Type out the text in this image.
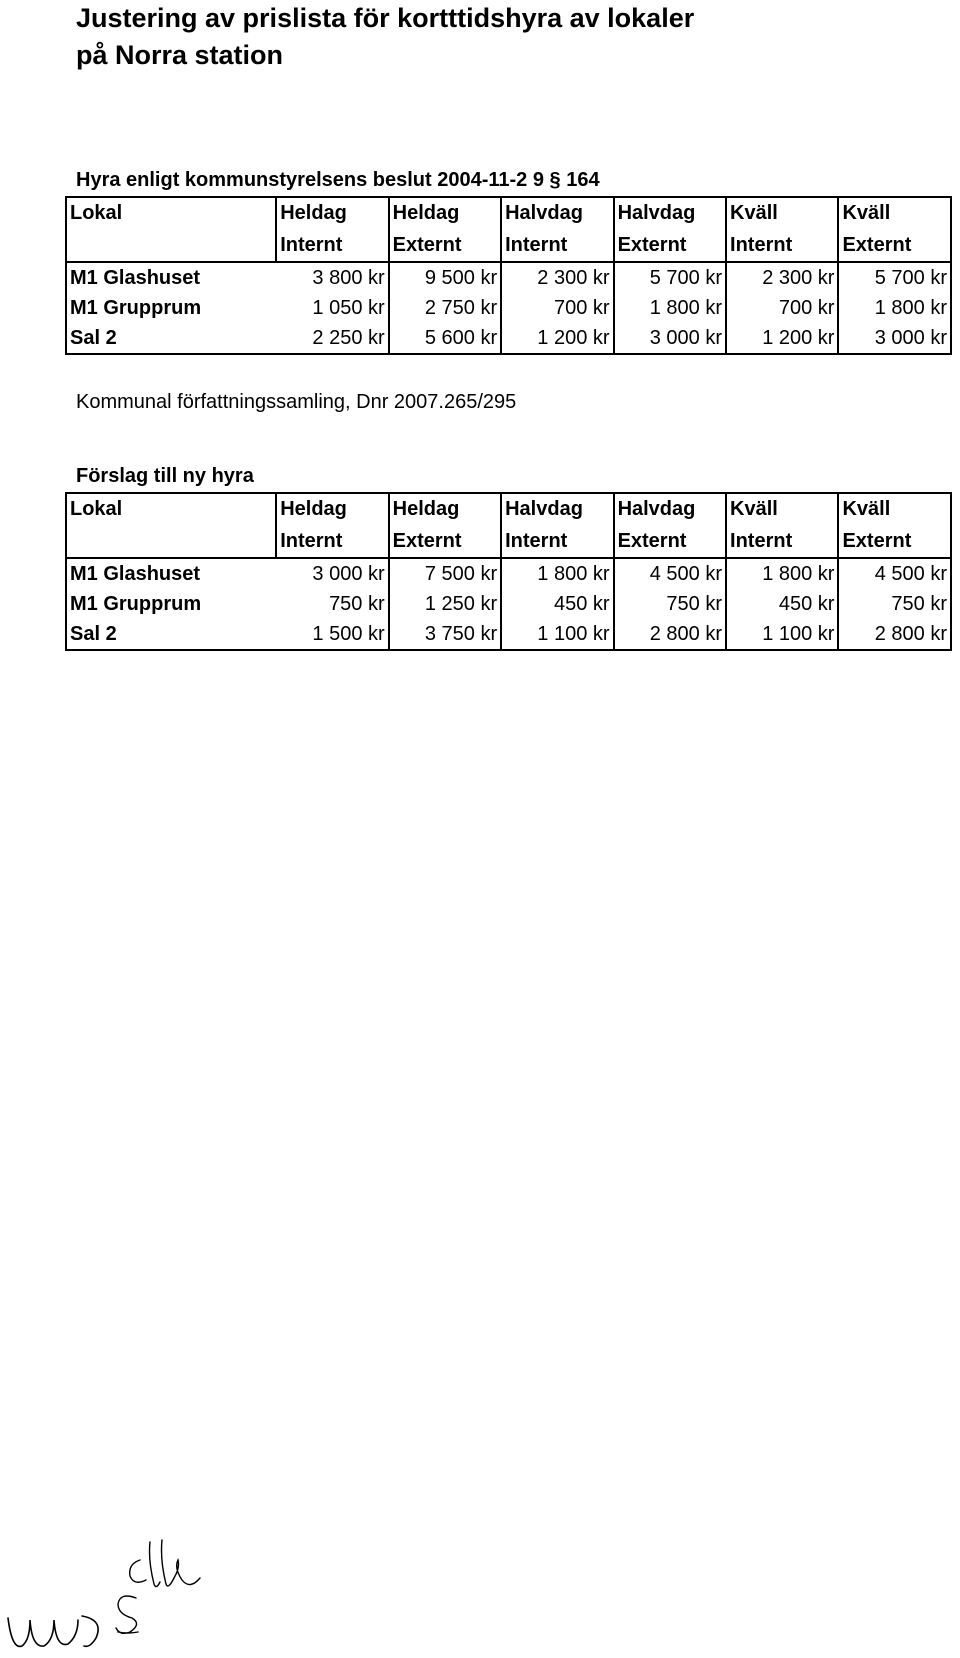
Justering av prislista för kortttidshyra av lokaler
på Norra station
Hyra enligt kommunstyrelsens beslut 2004-11-2 9 § 164
Lokal	Heldag	Heldag	Halvdag	Halvdag	Kväll	Kväll
	Internt	Externt	Internt	Externt	Internt	Externt
M1 Glashuset	3 800 kr	9 500 kr	2 300 kr	5 700 kr	2 300 kr	5 700 kr
M1 Grupprum	1 050 kr	2 750 kr	700 kr	1 800 kr	700 kr	1 800 kr
Sal 2	2 250 kr	5 600 kr	1 200 kr	3 000 kr	1 200 kr	3 000 kr
Kommunal författningssamling, Dnr 2007.265/295
Förslag till ny hyra
Lokal	Heldag	Heldag	Halvdag	Halvdag	Kväll	Kväll
	Internt	Externt	Internt	Externt	Internt	Externt
M1 Glashuset	3 000 kr	7 500 kr	1 800 kr	4 500 kr	1 800 kr	4 500 kr
M1 Grupprum	750 kr	1 250 kr	450 kr	750 kr	450 kr	750 kr
Sal 2	1 500 kr	3 750 kr	1 100 kr	2 800 kr	1 100 kr	2 800 kr
